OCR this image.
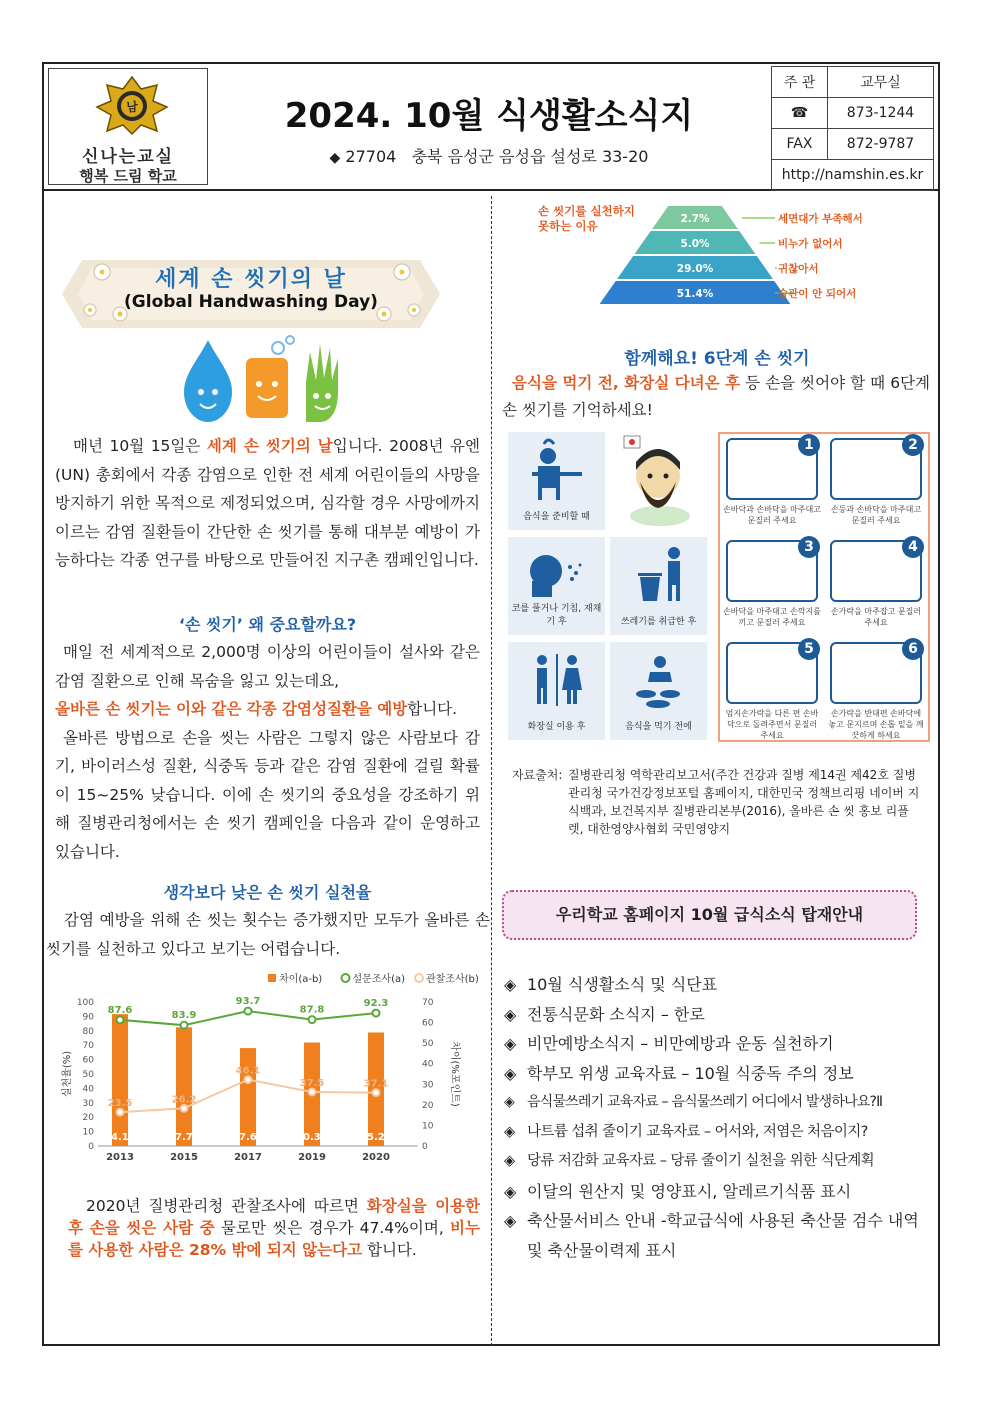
남
신나는교실
행복 드림 학교
2024. 10월 식생활소식지
◆ 27704   충북 음성군 음성읍 설성로 33-20
주 관	교무실
☎	873-1244
FAX	872-9787
http://namshin.es.kr	
세계 손 씻기의 날
(Global Handwashing Day)
매년 10월 15일은 세계 손 씻기의 날입니다. 2008년 유엔(UN) 총회에서 각종 감염으로 인한 전 세계 어린이들의 사망을 방지하기 위한 목적으로 제정되었으며, 심각할 경우 사망에까지 이르는 감염 질환들이 간단한 손 씻기를 통해 대부분 예방이 가능하다는 각종 연구를 바탕으로 만들어진 지구촌 캠페인입니다.
‘손 씻기’ 왜 중요할까요?
매일 전 세계적으로 2,000명 이상의 어린이들이 설사와 같은 감염 질환으로 인해 목숨을 잃고 있는데요,
올바른 손 씻기는 이와 같은 각종 감염성질환을 예방합니다.
올바른 방법으로 손을 씻는 사람은 그렇지 않은 사람보다 감기, 바이러스성 질환, 식중독 등과 같은 감염 질환에 걸릴 확률이 15~25% 낮습니다. 이에 손 씻기의 중요성을 강조하기 위해 질병관리청에서는 손 씻기 캠페인을 다음과 같이 운영하고 있습니다.
생각보다 낮은 손 씻기 실천율
감염 예방을 위해 손 씻는 횟수는 증가했지만 모두가 올바른 손 씻기를 실천하고 있다고 보기는 어렵습니다.
차이(a-b)	설문조사(a) 관찰조사(b)
0
10
20
30
40
50
60
70
80
90
100
0
10
20
30
40
50
60
70
2013
64.1p
2015
57.7p
2017
47.6p
2019
50.3p
2020
55.2p
87.6	83.9
93.7
87.8
92.3
23.5	26.2
46.1
37.5	37.1
실천율(%)	차이(%포인트)
2020년 질병관리청 관찰조사에 따르면 화장실을 이용한 후 손을 씻은 사람 중 물로만 씻은 경우가 47.4%이며, 비누를 사용한 사람은 28% 밖에 되지 않는다고 합니다.
2.7%	세면대가 부족해서
5.0%	비누가 없어서
29.0%	귀찮아서
51.4%	습관이 안 되어서
손 씻기를 실천하지 못하는 이유
함께해요! 6단계 손 씻기
음식을 먹기 전, 화장실 다녀온 후 등 손을 씻어야 할 때 6단계 손 씻기를 기억하세요!
음식을 준비할 때
코를 풀거나 기침, 재채기 후	쓰레기를 취급한 후
화장실 이용 후	음식을 먹기 전에
1
손바닥과 손바닥을 마주대고 문질러 주세요
2
손등과 손바닥을 마주대고 문질러 주세요
3
손바닥을 마주대고 손깍지를 끼고 문질러 주세요
4
손가락을 마주잡고 문질러 주세요
5
엄지손가락을 다른 편 손바닥으로 돌려주면서 문질러 주세요
6
손가락을 반대편 손바닥에 놓고 문지르며 손톱 밑을 깨끗하게 하세요
자료출처: 질병관리청 역학관리보고서(주간 건강과 질병 제14권 제42호 질병관리청 국가건강정보포털 홈페이지, 대한민국 정책브리핑 네이버 지식백과, 보건복지부 질병관리본부(2016), 올바른 손 씻 홍보 리플렛, 대한영양사협회 국민영양지
우리학교 홈페이지 10월 급식소식 탑재안내
◈ 10월 식생활소식 및 식단표
◈ 전통식문화 소식지 – 한로
◈ 비만예방소식지 – 비만예방과 운동 실천하기
◈ 학부모 위생 교육자료 – 10월 식중독 주의 정보
◈ 음식물쓰레기 교육자료 – 음식물쓰레기 어디에서 발생하나요?Ⅱ
◈ 나트륨 섭취 줄이기 교육자료 – 어서와, 저염은 처음이지?
◈ 당류 저감화 교육자료 – 당류 줄이기 실천을 위한 식단계획
◈ 이달의 원산지 및 영양표시, 알레르기식품 표시
◈ 축산물서비스 안내 -학교급식에 사용된 축산물 검수 내역 및 축산물이력제 표시
